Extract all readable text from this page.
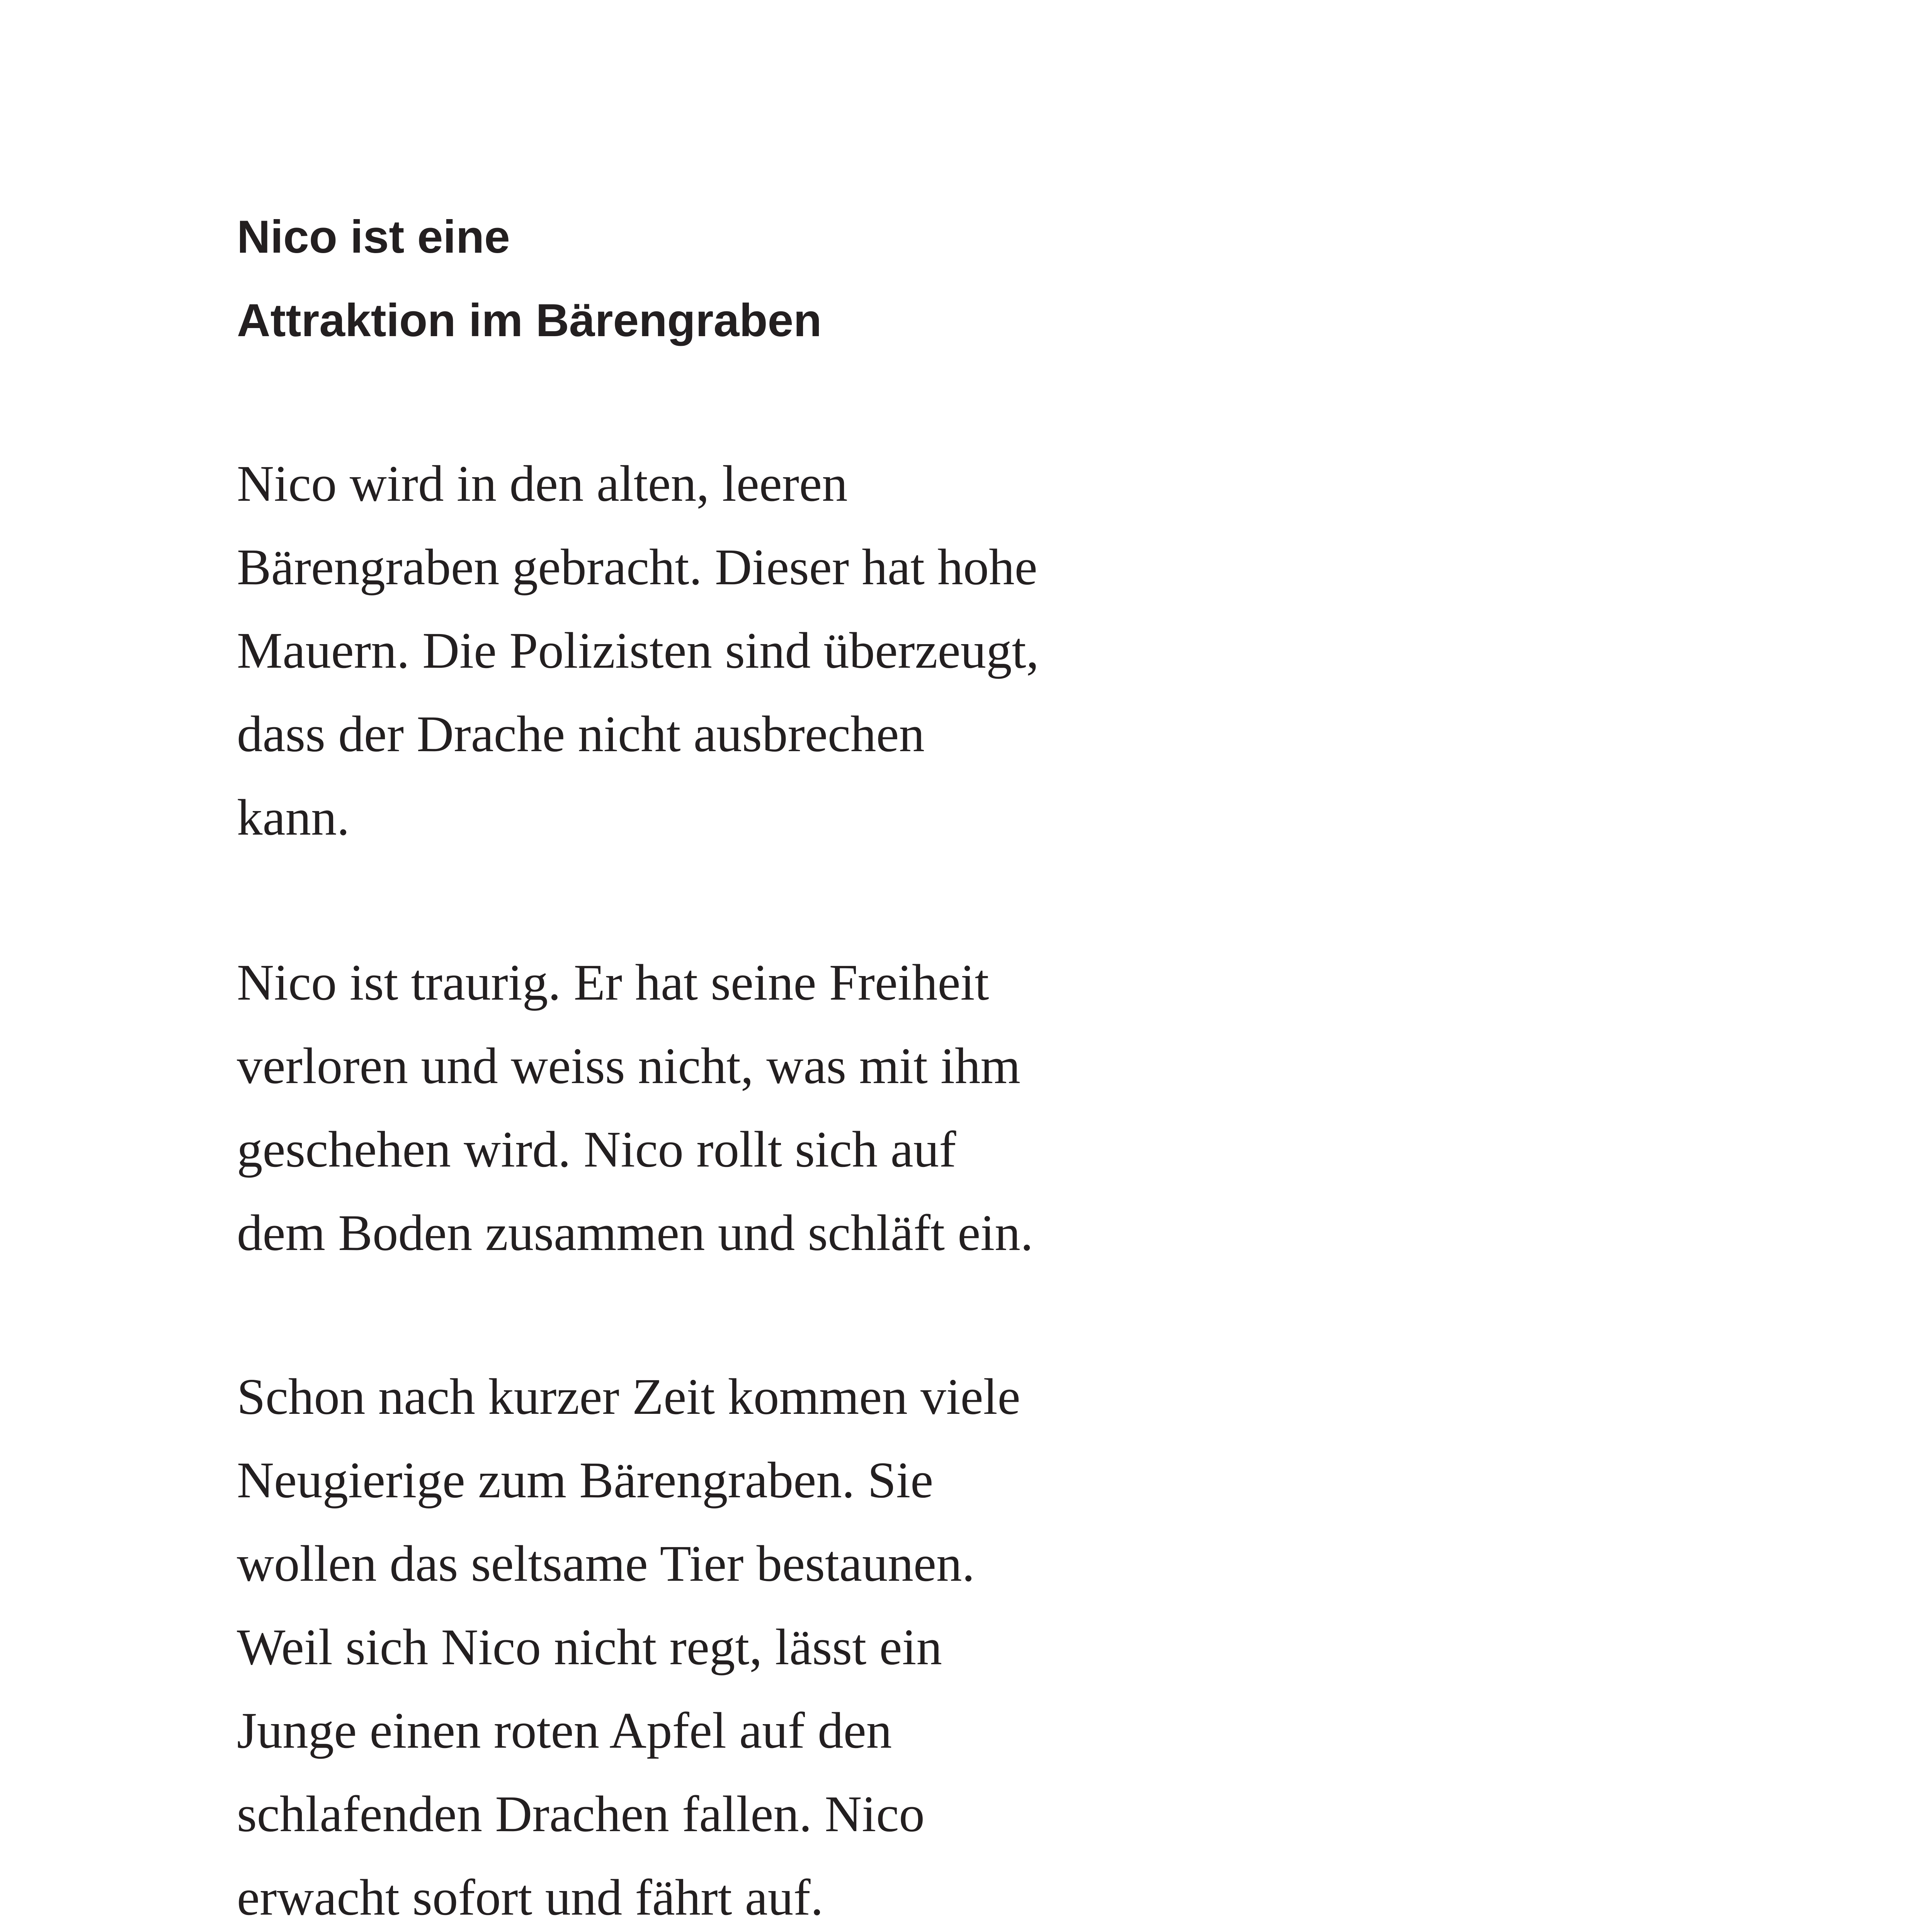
Nico ist eine
Attraktion im Bärengraben

Nico wird in den alten, leeren
Bärengraben gebracht. Dieser hat hohe
Mauern. Die Polizisten sind überzeugt,
dass der Drache nicht ausbrechen
kann.

Nico ist traurig. Er hat seine Freiheit
verloren und weiss nicht, was mit ihm
geschehen wird. Nico rollt sich auf
dem Boden zusammen und schläft ein.

Schon nach kurzer Zeit kommen viele
Neugierige zum Bärengraben. Sie
wollen das seltsame Tier bestaunen.
Weil sich Nico nicht regt, lässt ein
Junge einen roten Apfel auf den
schlafenden Drachen fallen. Nico
erwacht sofort und fährt auf.
